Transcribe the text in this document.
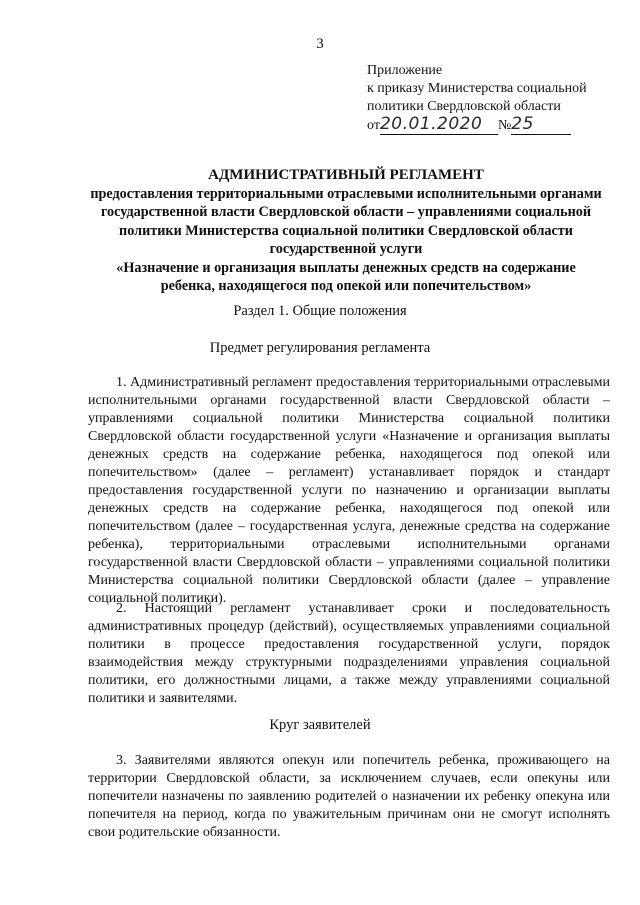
3
Приложение
к приказу Министерства социальной
политики Свердловской области
от20.01.2020 №25
АДМИНИСТРАТИВНЫЙ РЕГЛАМЕНТ
предоставления территориальными отраслевыми исполнительными органами государственной власти Свердловской области – управлениями социальной политики Министерства социальной политики Свердловской области государственной услуги
«Назначение и организация выплаты денежных средств на содержание ребенка, находящегося под опекой или попечительством»
Раздел 1. Общие положения
Предмет регулирования регламента

1. Административный регламент предоставления территориальными отраслевыми исполнительными органами государственной власти Свердловской области – управлениями социальной политики Министерства социальной политики Свердловской области государственной услуги «Назначение и организация выплаты денежных средств на содержание ребенка, находящегося под опекой или попечительством» (далее – регламент) устанавливает порядок и стандарт предоставления государственной услуги по назначению и организации выплаты денежных средств на содержание ребенка, находящегося под опекой или попечительством (далее – государственная услуга, денежные средства на содержание ребенка), территориальными отраслевыми исполнительными органами государственной власти Свердловской области – управлениями социальной политики Министерства социальной политики Свердловской области (далее – управление социальной политики).

2. Настоящий регламент устанавливает сроки и последовательность административных процедур (действий), осуществляемых управлениями социальной политики в процессе предоставления государственной услуги, порядок взаимодействия между структурными подразделениями управления социальной политики, его должностными лицами, а также между управлениями социальной политики и заявителями.

Круг заявителей

3. Заявителями являются опекун или попечитель ребенка, проживающего на территории Свердловской области, за исключением случаев, если опекуны или попечители назначены по заявлению родителей о назначении их ребенку опекуна или попечителя на период, когда по уважительным причинам они не смогут исполнять свои родительские обязанности.
